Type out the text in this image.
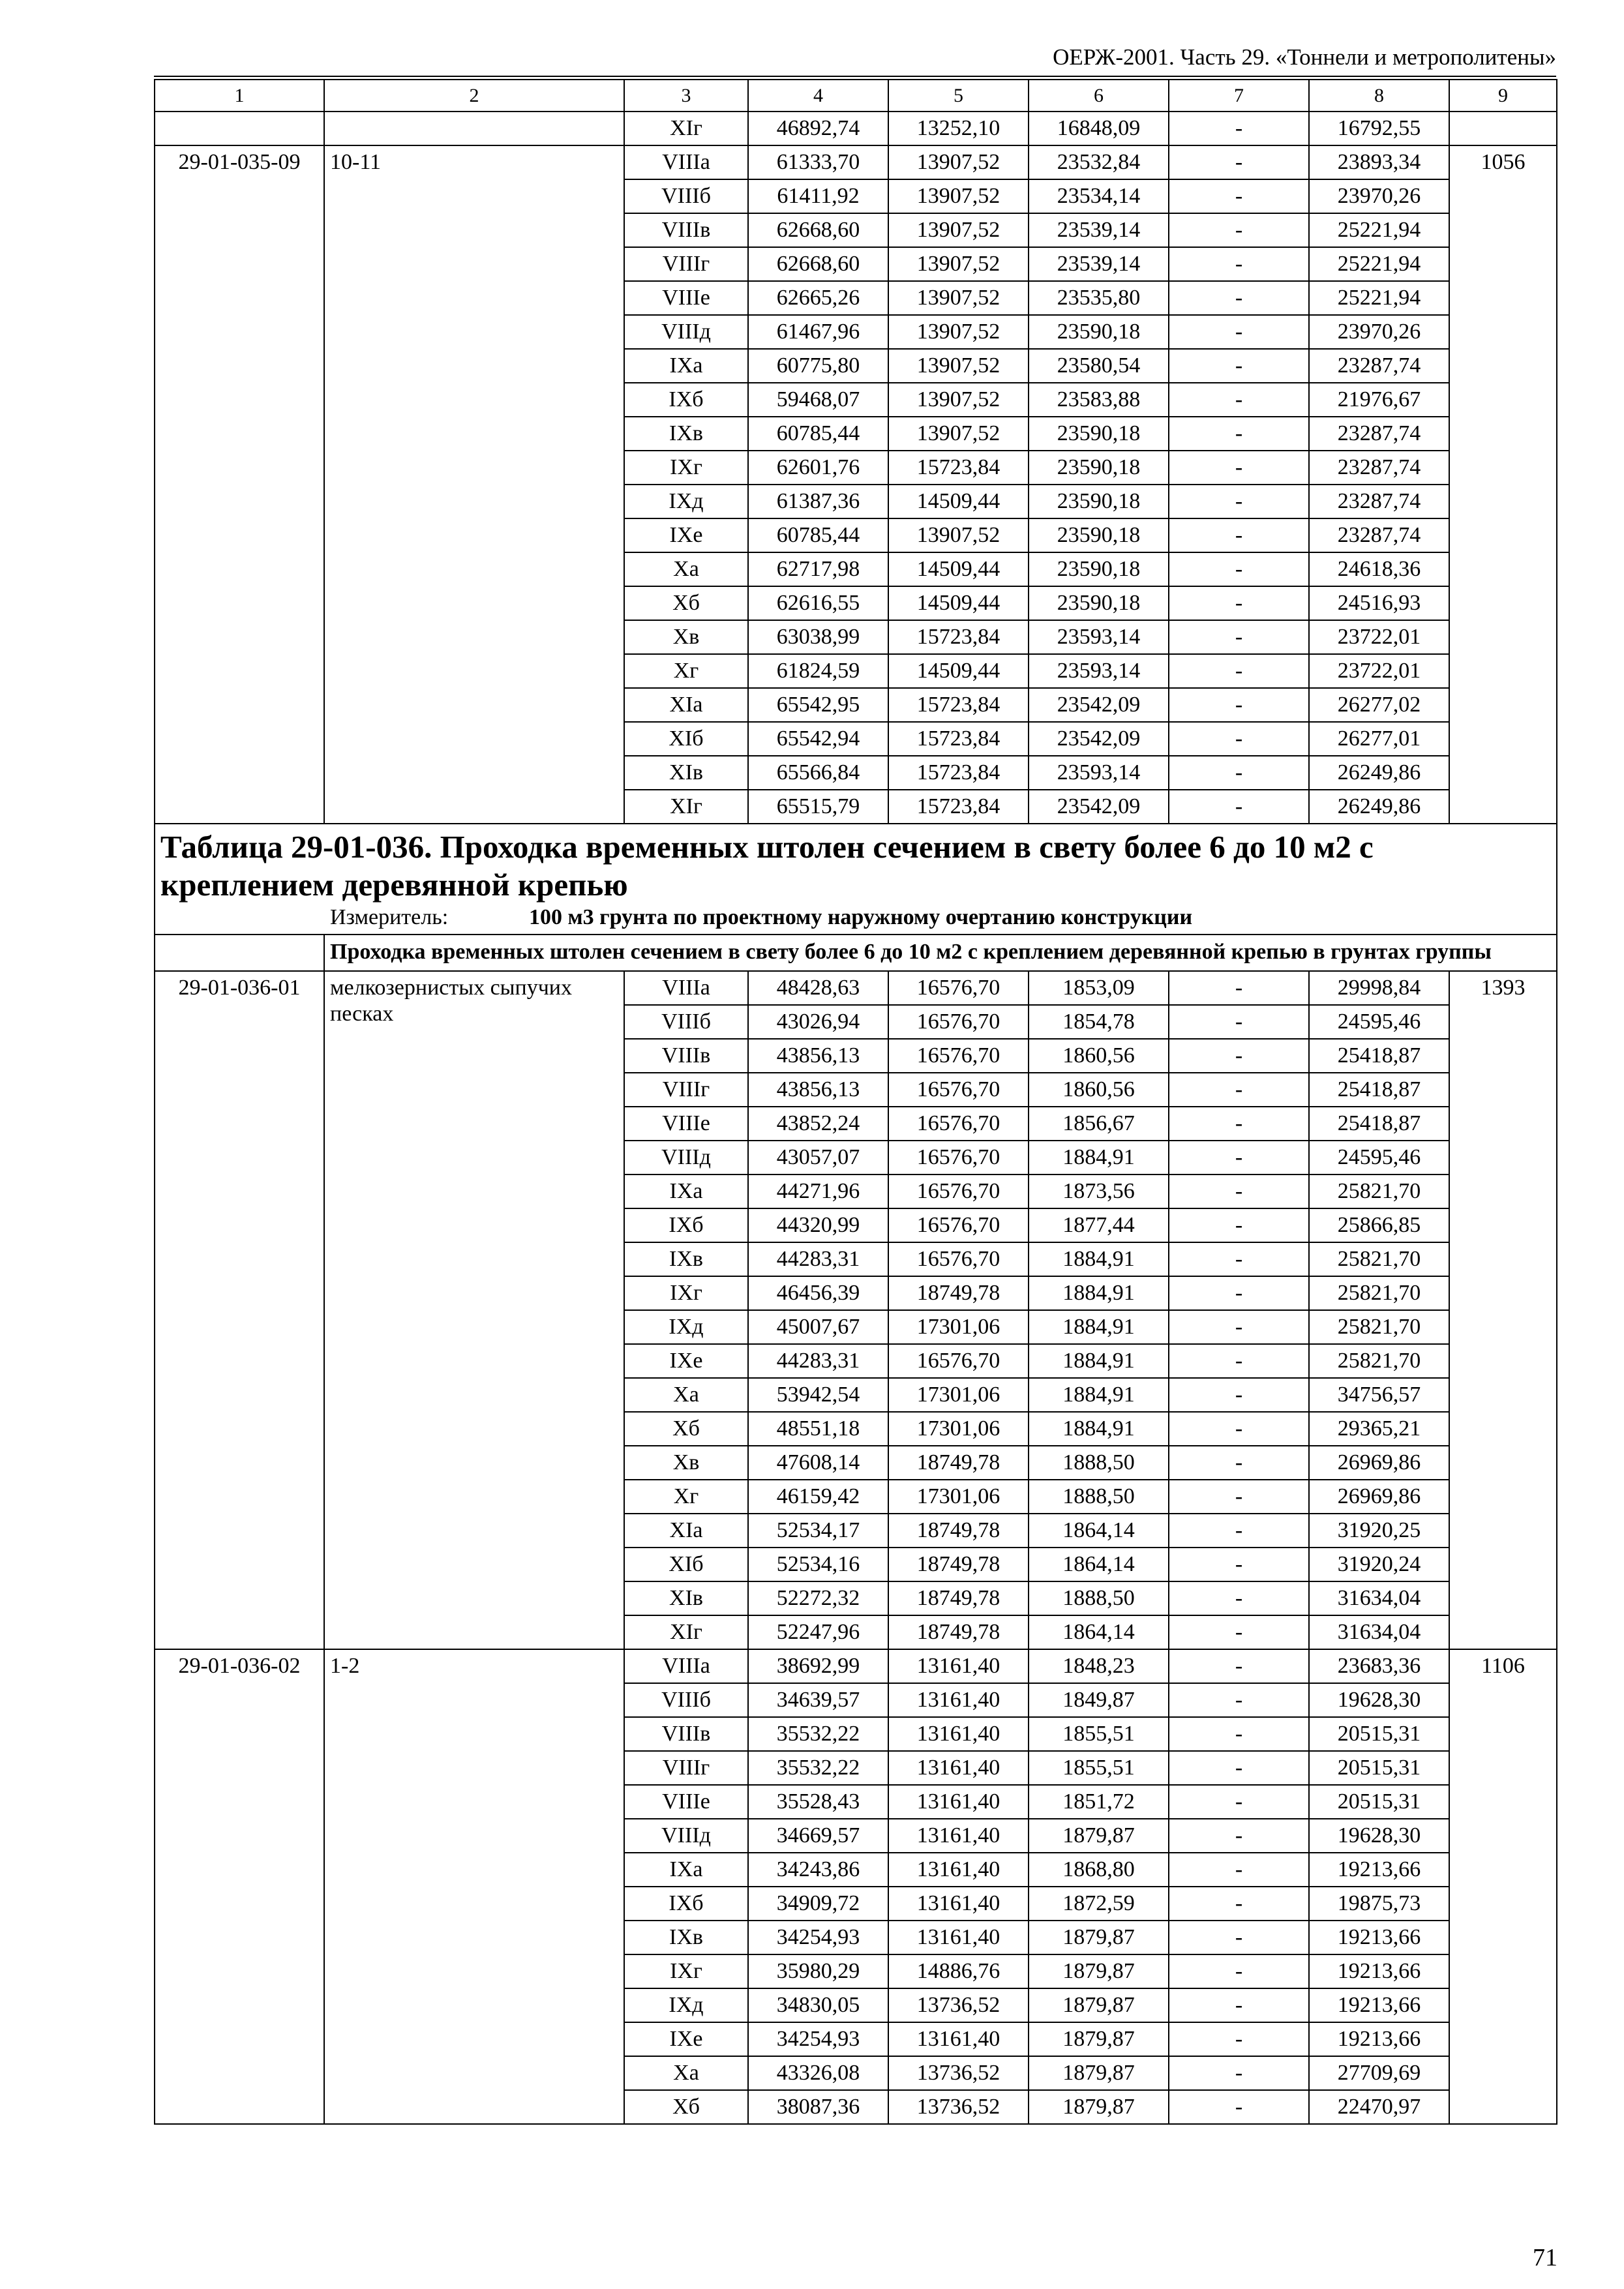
ОЕРЖ-2001. Часть 29. «Тоннели и метрополитены»
1	2	3	4	5	6	7	8	9
		XIг	46892,74	13252,10	16848,09	-	16792,55	
29-01-035-09	10-11	VIIIа	61333,70	13907,52	23532,84	-	23893,34	1056
		VIIIб	61411,92	13907,52	23534,14	-	23970,26	
		VIIIв	62668,60	13907,52	23539,14	-	25221,94	
		VIIIг	62668,60	13907,52	23539,14	-	25221,94	
		VIIIе	62665,26	13907,52	23535,80	-	25221,94	
		VIIIд	61467,96	13907,52	23590,18	-	23970,26	
		IXа	60775,80	13907,52	23580,54	-	23287,74	
		IXб	59468,07	13907,52	23583,88	-	21976,67	
		IXв	60785,44	13907,52	23590,18	-	23287,74	
		IXг	62601,76	15723,84	23590,18	-	23287,74	
		IXд	61387,36	14509,44	23590,18	-	23287,74	
		IXе	60785,44	13907,52	23590,18	-	23287,74	
		Xа	62717,98	14509,44	23590,18	-	24618,36	
		Xб	62616,55	14509,44	23590,18	-	24516,93	
		Xв	63038,99	15723,84	23593,14	-	23722,01	
		Xг	61824,59	14509,44	23593,14	-	23722,01	
		XIа	65542,95	15723,84	23542,09	-	26277,02	
		XIб	65542,94	15723,84	23542,09	-	26277,01	
		XIв	65566,84	15723,84	23593,14	-	26249,86	
		XIг	65515,79	15723,84	23542,09	-	26249,86	

Таблица 29-01-036. Проходка временных штолен сечением в свету более 6 до 10 м2 с креплением деревянной крепью
Измеритель: 100 м3 грунта по проектному наружному очертанию конструкции								

	Проходка временных штолен сечением в свету более 6 до 10 м2 с креплением деревянной крепью в грунтах группы							
29-01-036-01	мелкозернистых сыпучих песках	VIIIа	48428,63	16576,70	1853,09	-	29998,84	1393
		VIIIб	43026,94	16576,70	1854,78	-	24595,46	
		VIIIв	43856,13	16576,70	1860,56	-	25418,87	
		VIIIг	43856,13	16576,70	1860,56	-	25418,87	
		VIIIе	43852,24	16576,70	1856,67	-	25418,87	
		VIIIд	43057,07	16576,70	1884,91	-	24595,46	
		IXа	44271,96	16576,70	1873,56	-	25821,70	
		IXб	44320,99	16576,70	1877,44	-	25866,85	
		IXв	44283,31	16576,70	1884,91	-	25821,70	
		IXг	46456,39	18749,78	1884,91	-	25821,70	
		IXд	45007,67	17301,06	1884,91	-	25821,70	
		IXе	44283,31	16576,70	1884,91	-	25821,70	
		Xа	53942,54	17301,06	1884,91	-	34756,57	
		Xб	48551,18	17301,06	1884,91	-	29365,21	
		Xв	47608,14	18749,78	1888,50	-	26969,86	
		Xг	46159,42	17301,06	1888,50	-	26969,86	
		XIа	52534,17	18749,78	1864,14	-	31920,25	
		XIб	52534,16	18749,78	1864,14	-	31920,24	
		XIв	52272,32	18749,78	1888,50	-	31634,04	
		XIг	52247,96	18749,78	1864,14	-	31634,04	
29-01-036-02	1-2	VIIIа	38692,99	13161,40	1848,23	-	23683,36	1106
		VIIIб	34639,57	13161,40	1849,87	-	19628,30	
		VIIIв	35532,22	13161,40	1855,51	-	20515,31	
		VIIIг	35532,22	13161,40	1855,51	-	20515,31	
		VIIIе	35528,43	13161,40	1851,72	-	20515,31	
		VIIIд	34669,57	13161,40	1879,87	-	19628,30	
		IXа	34243,86	13161,40	1868,80	-	19213,66	
		IXб	34909,72	13161,40	1872,59	-	19875,73	
		IXв	34254,93	13161,40	1879,87	-	19213,66	
		IXг	35980,29	14886,76	1879,87	-	19213,66	
		IXд	34830,05	13736,52	1879,87	-	19213,66	
		IXе	34254,93	13161,40	1879,87	-	19213,66	
		Xа	43326,08	13736,52	1879,87	-	27709,69	
		Xб	38087,36	13736,52	1879,87	-	22470,97	
71
